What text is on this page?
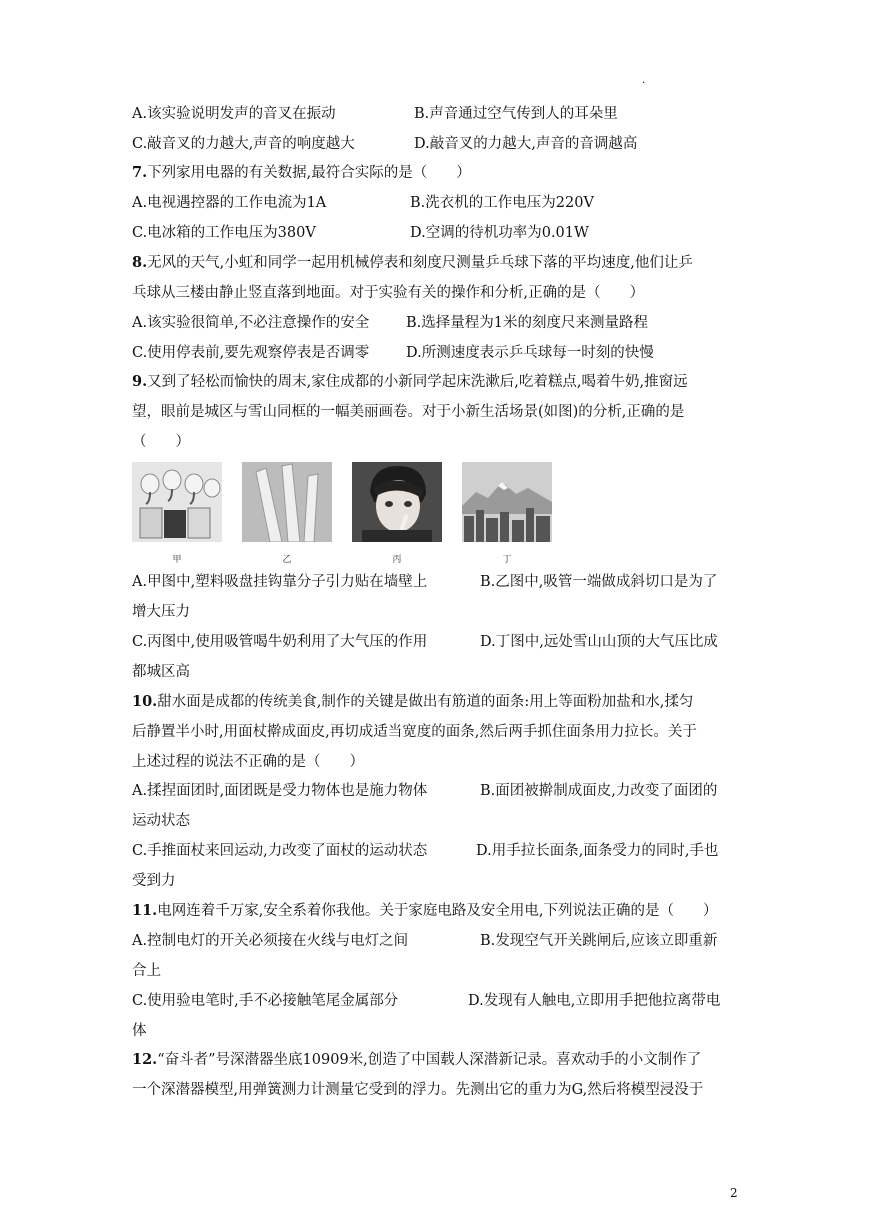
·
A.该实验说明发声的音叉在振动	B.声音通过空气传到人的耳朵里
C.敲音叉的力越大,声音的响度越大	D.敲音叉的力越大,声音的音调越高
7.下列家用电器的有关数据,最符合实际的是（　　）
A.电视遇控器的工作电流为1A	B.洗衣机的工作电压为220V
C.电冰箱的工作电压为380V	D.空调的待机功率为0.01W
8.无风的天气,小虹和同学一起用机械停表和刻度尺测量乒乓球下落的平均速度,他们让乒
乓球从三楼由静止竖直落到地面。对于实验有关的操作和分析,正确的是（　　）
A.该实验很简单,不必注意操作的安全	B.选择量程为1米的刻度尺来测量路程
C.使用停表前,要先观察停表是否调零	D.所测速度表示乒乓球每一时刻的快慢
9.又到了轻松而愉快的周末,家住成都的小新同学起床洗漱后,吃着糕点,喝着牛奶,推窗远
望，眼前是城区与雪山同框的一幅美丽画卷。对于小新生活场景(如图)的分析,正确的是
（　　）
甲	乙	丙	丁
A.甲图中,塑料吸盘挂钩靠分子引力贴在墙壁上	B.乙图中,吸管一端做成斜切口是为了
增大压力
C.丙图中,使用吸管喝牛奶利用了大气压的作用	D.丁图中,远处雪山山顶的大气压比成
都城区高
10.甜水面是成都的传统美食,制作的关键是做出有筋道的面条:用上等面粉加盐和水,揉匀
后静置半小时,用面杖擀成面皮,再切成适当宽度的面条,然后两手抓住面条用力拉长。关于
上述过程的说法不正确的是（　　）
A.揉捏面团时,面团既是受力物体也是施力物体	B.面团被擀制成面皮,力改变了面团的
运动状态
C.手推面杖来回运动,力改变了面杖的运动状态	D.用手拉长面条,面条受力的同时,手也
受到力
11.电网连着千万家,安全系着你我他。关于家庭电路及安全用电,下列说法正确的是（　　）
A.控制电灯的开关必须接在火线与电灯之间	B.发现空气开关跳闸后,应该立即重新
合上
C.使用验电笔时,手不必接触笔尾金属部分	D.发现有人触电,立即用手把他拉离带电
体
12.“奋斗者”号深潜器坐底10909米,创造了中国载人深潜新记录。喜欢动手的小文制作了
一个深潜器模型,用弹簧测力计测量它受到的浮力。先测出它的重力为G,然后将模型浸没于
2
